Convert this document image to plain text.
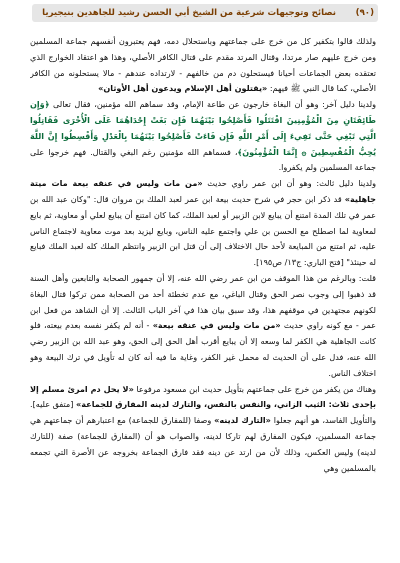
(٩٠)
نصائح وتوجيهات شرعية من الشيخ أبي الحسن رشيد للجاهدين بنيجيريا

ولذلك قالوا بتكفير كل من خرج على جماعتهم وباستحلال دمه، فهم يعتبرون أنفسهم جماعة المسلمين ومن خرج عليهم صار مرتدا، وقتال المرتد مقدم على قتال الكافر الأصلي، وهذا هو اعتقاد الخوارج الذي تعتقده بعض الجماعات أحيانا فيستحلون دم من خالفهم - لارتداده عندهم - مالا يستحلونه من الكافر الأصلي، كما قال النبي ﷺ فيهم: «يقتلون أهل الإسلام ويدعون أهل الأوثان»

ولدينا دليل آخر: وهو أن البغاة خارجون عن طاعة الإمام، وقد سماهم الله مؤمنين، فقال تعالى ﴿وَإِن طَائِفَتَانِ مِنَ الْمُؤْمِنِينَ اقْتَتَلُوا فَأَصْلِحُوا بَيْنَهُمَا فَإِن بَغَتْ إِحْدَاهُمَا عَلَى الْأُخْرَى فَقَاتِلُوا الَّتِي تَبْغِي حَتَّى تَفِيءَ إِلَى أَمْرِ اللَّهِ فَإِن فَاءَتْ فَأَصْلِحُوا بَيْنَهُمَا بِالْعَدْلِ وَأَقْسِطُوا إِنَّ اللَّهَ يُحِبُّ الْمُقْسِطِينَ ۞ إِنَّمَا الْمُؤْمِنُونَ﴾، فسماهم الله مؤمنين رغم البغي والقتال. فهم خرجوا على جماعة المسلمين ولم يكفروا.

ولدينا دليل ثالث: وهو أن ابن عمر راوي حديث «من مات وليس في عنقه بيعة مات ميتة جاهلية» قد ذكر ابن حجر في شرح حديث بيعة ابن عمر لعبد الملك بن مروان قال: "وكان عبد الله بن عمر في تلك المدة امتنع أن يبايع لابن الزبير أو لعبد الملك، كما كان امتنع أن يبايع لعلي أو معاوية، ثم بايع لمعاوية لما اصطلح مع الحسن بن علي واجتمع عليه الناس، وبايع ليزيد بعد موت معاوية لاجتماع الناس عليه، ثم امتنع من المبايعة لأحد حال الاختلاف إلى أن قتل ابن الزبير وانتظم الملك كله لعبد الملك فبايع له حينئذ" [فتح الباري: ج١٣/ ص١٩٥].

قلت: وبالرغم من هذا الموقف من ابن عمر رضي الله عنه، إلا أن جمهور الصحابة والتابعين وأهل السنة قد ذهبوا إلى وجوب نصر الحق وقتال الباغي، مع عدم تخطئة أحد من الصحابة ممن تركوا قتال البغاة لكونهم مجتهدين في موقفهم هذا، وقد سبق بيان هذا في آخر الباب الثالث. إلا أن الشاهد من فعل ابن عمر - مع كونه راوي حديث «من مات وليس في عنقه بيعة» - أنه لم يكفر نفسه بعدم بيعته، فلو كانت الجاهلية هي الكفر لما وسعه إلا أن يبايع أقرب أهل الحق إلى الحق، وهو عبد الله بن الزبير رضي الله عنه، فدل على أن الحديث له محمل غير الكفر، وغاية ما فيه أنه كان له تأويل في ترك البيعة وهو اختلاف الناس.

وهناك من يكفر من خرج على جماعتهم بتأويل حديث ابن مسعود مرفوعا «لا يحل دم امرئ مسلم إلا بإحدى ثلاث: الثيب الزاني، والنفس بالنفس، والتارك لدينه المفارق للجماعة» [متفق عليه]. والتأويل الفاسد، هو أنهم جعلوا «التارك لدينه» وصفا (للمفارق للجماعة) مع اعتبارهم أن جماعتهم هي جماعة المسلمين، فيكون المفارق لهم تاركا لدينه، والصواب هو أن (المفارق للجماعة) صفة (للتارك لدينه) وليس العكس، وذلك لأن من ارتد عن دينه فقد فارق الجماعة بخروجه عن الأصرة التي تجمعه بالمسلمين وهي
